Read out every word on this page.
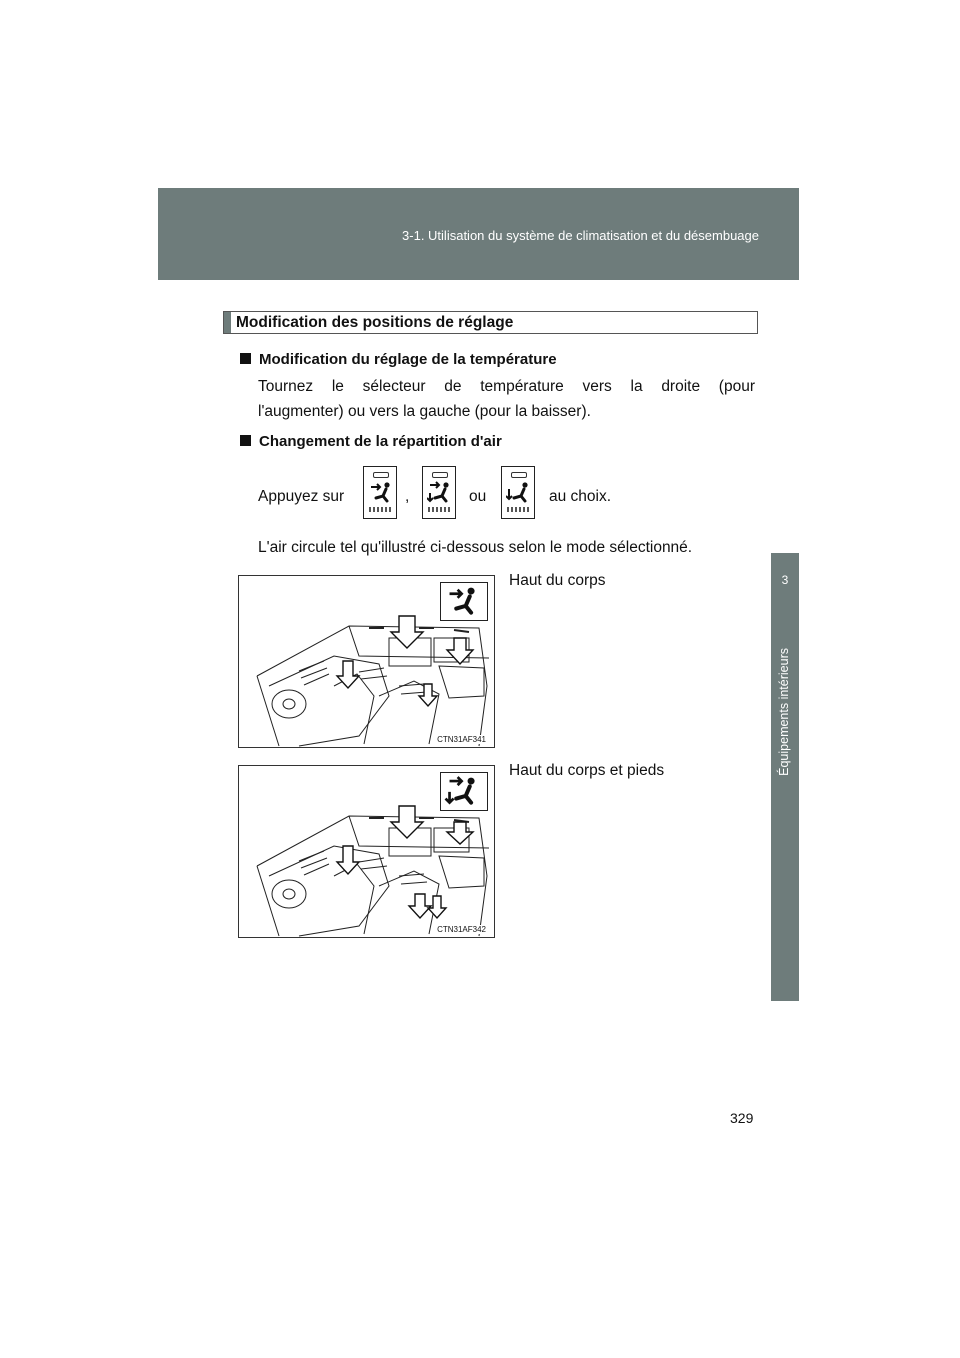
3-1. Utilisation du système de climatisation et du désembuage
3
Équipements intérieurs
Modification des positions de réglage
Modification du réglage de la température
Tournez le sélecteur de température vers la droite (pour
l'augmenter) ou vers la gauche (pour la baisser).
Changement de la répartition d'air
Appuyez sur	,	ou	au choix.
L'air circule tel qu'illustré ci-dessous selon le mode sélectionné.
CTN31AF341
Haut du corps
CTN31AF342
Haut du corps et pieds
329
